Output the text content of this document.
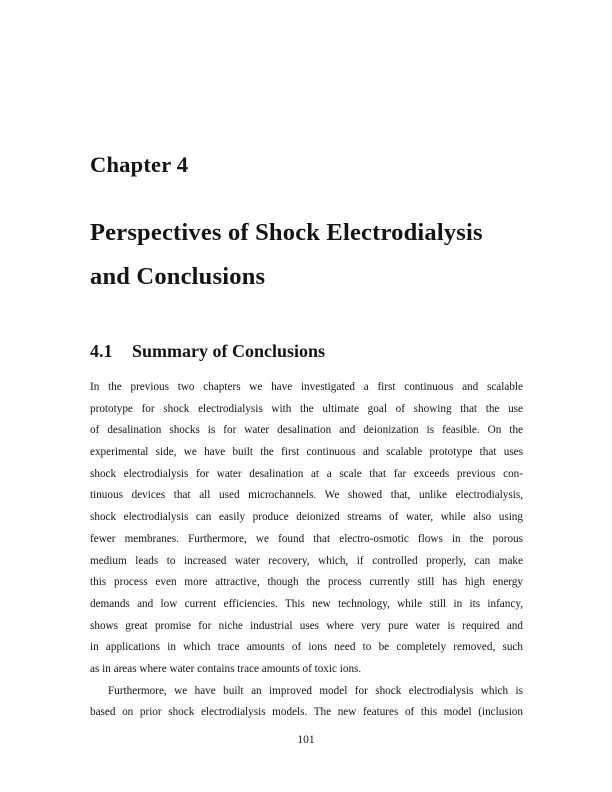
Chapter 4
Perspectives of Shock Electrodialysis
and Conclusions
4.1 Summary of Conclusions
In the previous two chapters we have investigated a first continuous and scalable
prototype for shock electrodialysis with the ultimate goal of showing that the use
of desalination shocks is for water desalination and deionization is feasible. On the
experimental side, we have built the first continuous and scalable prototype that uses
shock electrodialysis for water desalination at a scale that far exceeds previous con-
tinuous devices that all used microchannels. We showed that, unlike electrodialysis,
shock electrodialysis can easily produce deionized streams of water, while also using
fewer membranes. Furthermore, we found that electro-osmotic flows in the porous
medium leads to increased water recovery, which, if controlled properly, can make
this process even more attractive, though the process currently still has high energy
demands and low current efficiencies. This new technology, while still in its infancy,
shows great promise for niche industrial uses where very pure water is required and
in applications in which trace amounts of ions need to be completely removed, such
as in areas where water contains trace amounts of toxic ions.
Furthermore, we have built an improved model for shock electrodialysis which is
based on prior shock electrodialysis models. The new features of this model (inclusion
101
